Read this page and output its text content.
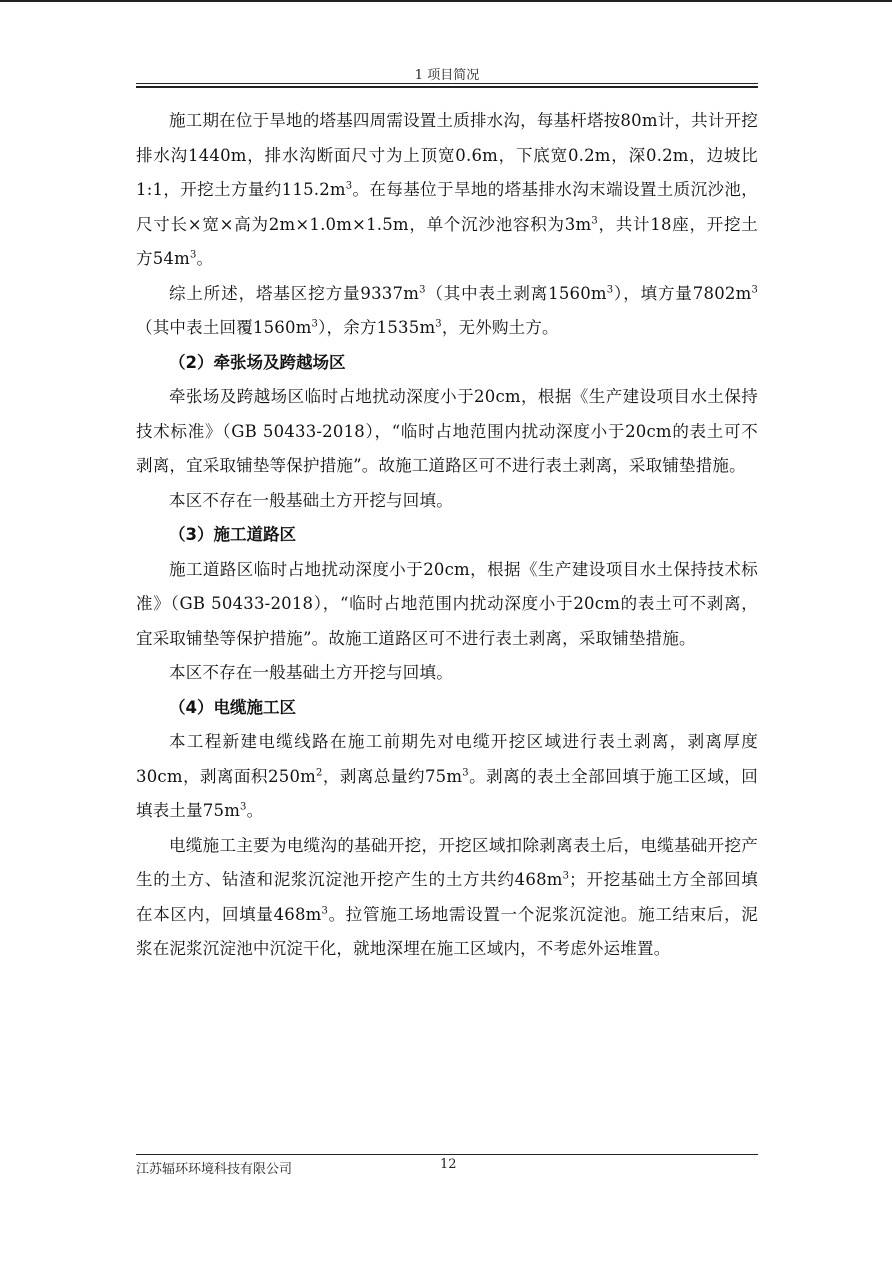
1 项目简况

施工期在位于旱地的塔基四周需设置土质排水沟，每基杆塔按80m计，共计开挖排水沟1440m，排水沟断面尺寸为上顶宽0.6m，下底宽0.2m，深0.2m，边坡比1:1，开挖土方量约$115.2m^3$。在每基位于旱地的塔基排水沟末端设置土质沉沙池，尺寸长×宽×高为2m×1.0m×1.5m，单个沉沙池容积为$3m^3$，共计18座，开挖土方$54m^3$。

综上所述，塔基区挖方量$9337m^3$（其中表土剥离$1560m^3$），填方量$7802m^3$（其中表土回覆$1560m^3$），余方$1535m^3$，无外购土方。

（2）牵张场及跨越场区

牵张场及跨越场区临时占地扰动深度小于20cm，根据《生产建设项目水土保持技术标准》（GB 50433-2018），“临时占地范围内扰动深度小于20cm的表土可不剥离，宜采取铺垫等保护措施”。故施工道路区可不进行表土剥离，采取铺垫措施。

本区不存在一般基础土方开挖与回填。

（3）施工道路区

施工道路区临时占地扰动深度小于20cm，根据《生产建设项目水土保持技术标准》（GB 50433-2018），“临时占地范围内扰动深度小于20cm的表土可不剥离，宜采取铺垫等保护措施”。故施工道路区可不进行表土剥离，采取铺垫措施。

本区不存在一般基础土方开挖与回填。

（4）电缆施工区

本工程新建电缆线路在施工前期先对电缆开挖区域进行表土剥离，剥离厚度30cm，剥离面积$250m^2$，剥离总量约$75m^3$。剥离的表土全部回填于施工区域，回填表土量$75m^3$。

电缆施工主要为电缆沟的基础开挖，开挖区域扣除剥离表土后，电缆基础开挖产生的土方、钻渣和泥浆沉淀池开挖产生的土方共约$468m^3$；开挖基础土方全部回填在本区内，回填量$468m^3$。拉管施工场地需设置一个泥浆沉淀池。施工结束后，泥浆在泥浆沉淀池中沉淀干化，就地深埋在施工区域内，不考虑外运堆置。

江苏辐环环境科技有限公司	12
